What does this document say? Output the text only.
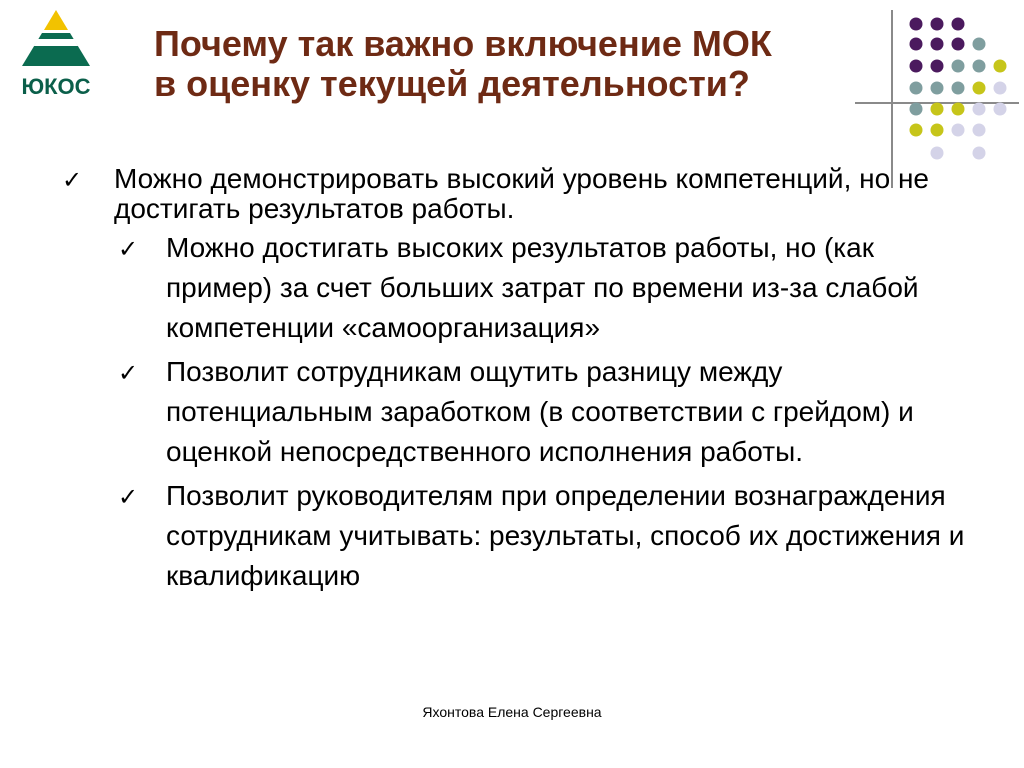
ЮКОС
Почему так важно включение МОК
в оценку текущей деятельности?
✓ Можно демонстрировать высокий уровень компетенций, но не достигать результатов работы.
✓ Можно достигать высоких результатов работы, но (как пример) за счет больших затрат по времени из-за слабой компетенции «самоорганизация»
✓ Позволит сотрудникам ощутить разницу между потенциальным заработком (в соответствии с грейдом) и оценкой непосредственного исполнения работы.
✓ Позволит руководителям при определении вознаграждения сотрудникам учитывать: результаты, способ их достижения и квалификацию
Яхонтова Елена Сергеевна
